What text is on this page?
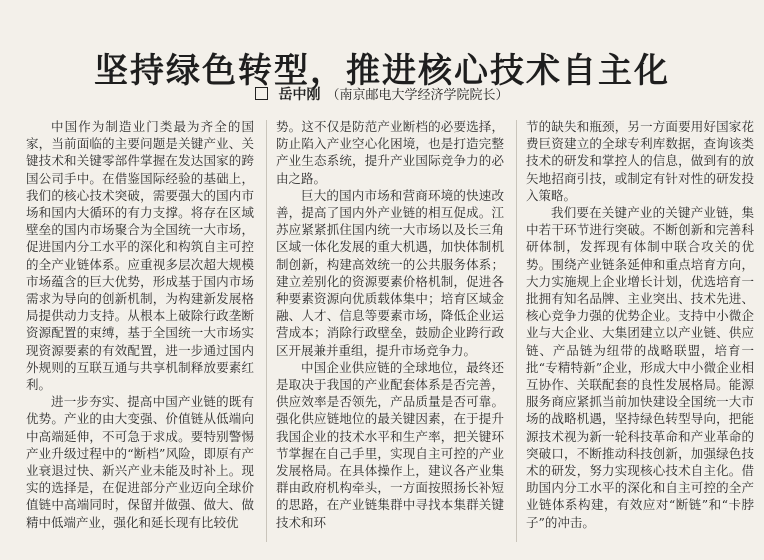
坚持绿色转型，推进核心技术自主化
岳中刚 （南京邮电大学经济学院院长）

中国作为制造业门类最为齐全的国家，当前面临的主要问题是关键产业、关键技术和关键零部件掌握在发达国家的跨国公司手中。在借鉴国际经验的基础上，我们的核心技术突破，需要强大的国内市场和国内大循环的有力支撑。将存在区域壁垒的国内市场聚合为全国统一大市场，促进国内分工水平的深化和构筑自主可控的全产业链体系。应重视多层次超大规模市场蕴含的巨大优势，形成基于国内市场需求为导向的创新机制，为构建新发展格局提供动力支持。从根本上破除行政垄断资源配置的束缚，基于全国统一大市场实现资源要素的有效配置，进一步通过国内外规则的互联互通与共享机制释放要素红利。

进一步夯实、提高中国产业链的既有优势。产业的由大变强、价值链从低端向中高端延伸，不可急于求成。要特别警惕产业升级过程中的“断档”风险，即原有产业衰退过快、新兴产业未能及时补上。现实的选择是，在促进部分产业迈向全球价值链中高端同时，保留并做强、做大、做精中低端产业，强化和延长现有比较优

势。这不仅是防范产业断档的必要选择，防止陷入产业空心化困境，也是打造完整产业生态系统，提升产业国际竞争力的必由之路。

巨大的国内市场和营商环境的快速改善，提高了国内外产业链的相互促成。江苏应紧紧抓住国内统一大市场以及长三角区域一体化发展的重大机遇，加快体制机制创新，构建高效统一的公共服务体系；建立差别化的资源要素价格机制，促进各种要素资源向优质载体集中；培育区域金融、人才、信息等要素市场，降低企业运营成本；消除行政壁垒，鼓励企业跨行政区开展兼并重组，提升市场竞争力。

中国企业供应链的全球地位，最终还是取决于我国的产业配套体系是否完善，供应效率是否领先，产品质量是否可靠。强化供应链地位的最关键因素，在于提升我国企业的技术水平和生产率，把关键环节掌握在自己手里，实现自主可控的产业发展格局。在具体操作上，建议各产业集群由政府机构牵头，一方面按照扬长补短的思路，在产业链集群中寻找本集群关键技术和环

节的缺失和瓶颈，另一方面要用好国家花费巨资建立的全球专利库数据，查询该类技术的研发和掌控人的信息，做到有的放矢地招商引技，或制定有针对性的研发投入策略。

我们要在关键产业的关键产业链，集中若干环节进行突破。不断创新和完善科研体制，发挥现有体制中联合攻关的优势。围绕产业链条延伸和重点培育方向，大力实施规上企业增长计划，优选培育一批拥有知名品牌、主业突出、技术先进、核心竞争力强的优势企业。支持中小微企业与大企业、大集团建立以产业链、供应链、产品链为纽带的战略联盟，培育一批“专精特新”企业，形成大中小微企业相互协作、关联配套的良性发展格局。能源服务商应紧抓当前加快建设全国统一大市场的战略机遇，坚持绿色转型导向，把能源技术视为新一轮科技革命和产业革命的突破口，不断推动科技创新，加强绿色技术的研发，努力实现核心技术自主化。借助国内分工水平的深化和自主可控的全产业链体系构建，有效应对“断链”和“卡脖子”的冲击。
